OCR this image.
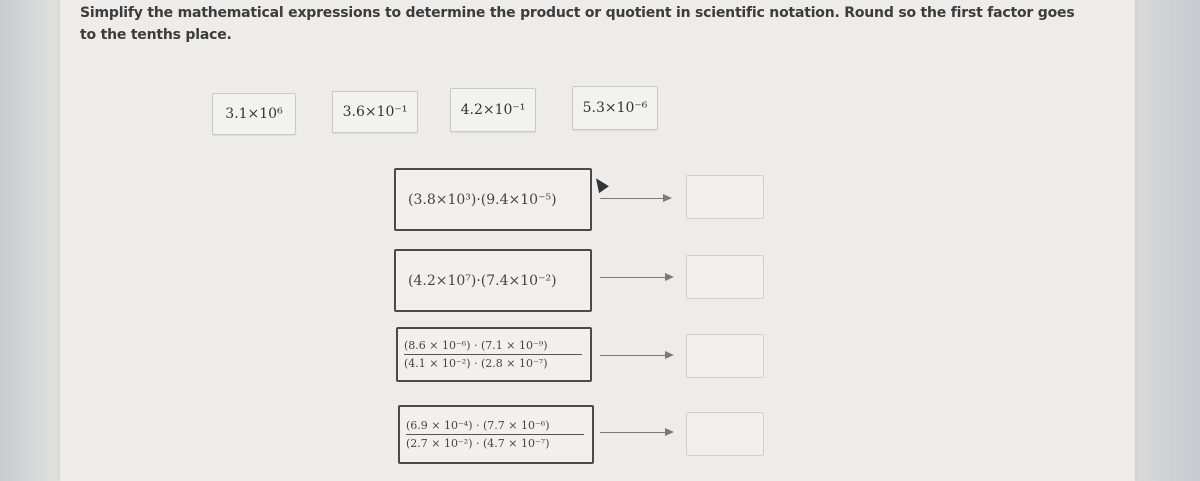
Simplify the mathematical expressions to determine the product or quotient in scientific notation. Round so the first factor goes to the tenths place.
3.1×10⁶	3.6×10⁻¹	4.2×10⁻¹	5.3×10⁻⁶
(3.8×10³)·(9.4×10⁻⁵)
(4.2×10⁷)·(7.4×10⁻²)
(8.6 × 10⁻⁶) · (7.1 × 10⁻⁹)
(4.1 × 10⁻²) · (2.8 × 10⁻⁷)
(6.9 × 10⁻⁴) · (7.7 × 10⁻⁶)
(2.7 × 10⁻²) · (4.7 × 10⁻⁷)
